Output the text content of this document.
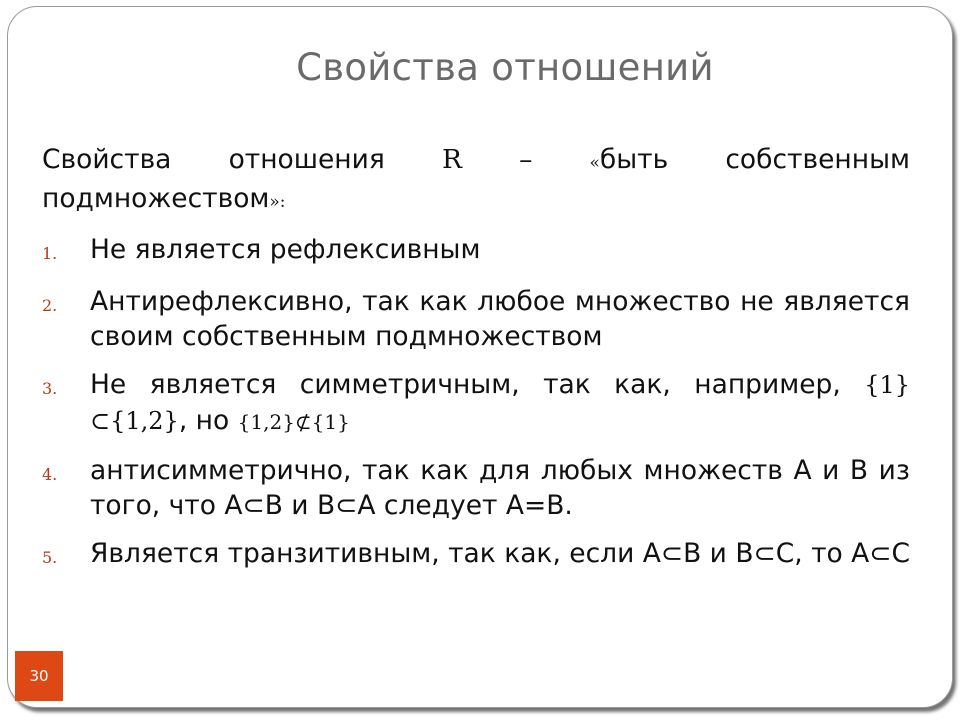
Свойства отношений

Свойства отношения R –	«быть собственным подмножеством»:

1.	Не является рефлексивным
2.	Антирефлексивно, так как любое множество не является своим собственным подмножеством
3.	Не является симметричным, так как, например, {1}⊂{1,2}, но {1,2}⊄{1}
4.	антисимметрично, так как для любых множеств A и B из того, что A⊂B и B⊂A следует A=B.
5.	Является транзитивным, так как, если A⊂B и B⊂C, то A⊂C
30
